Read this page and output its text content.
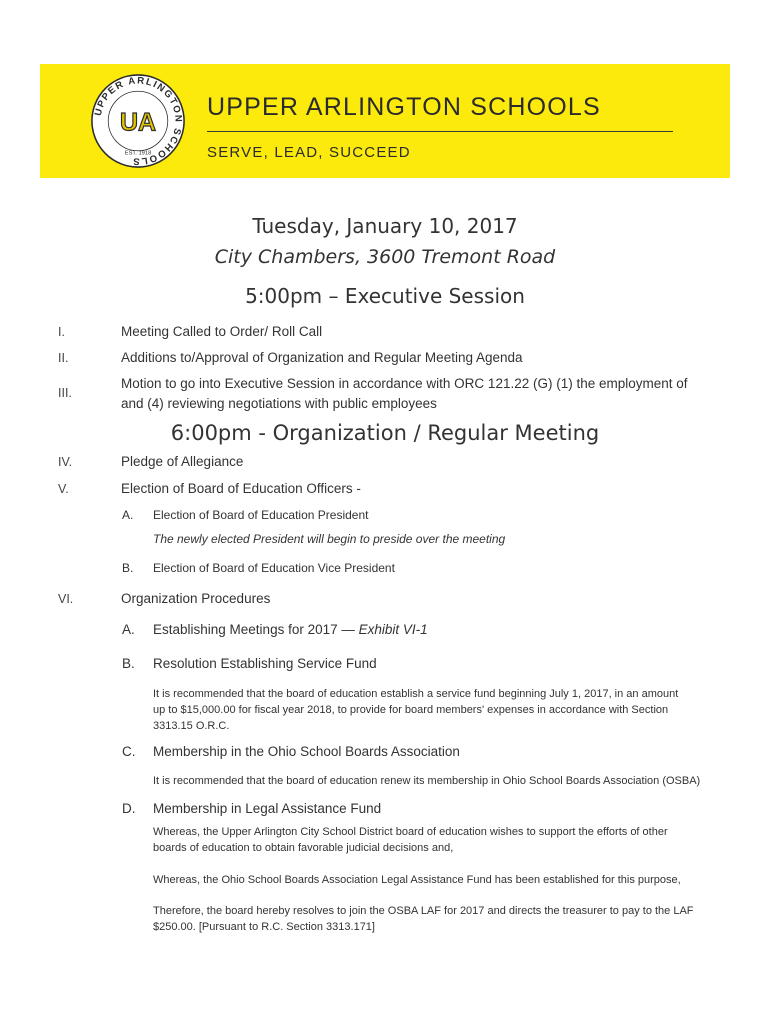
UPPER ARLINGTON SCHOOLS
UA
EST. 1918
UPPER ARLINGTON SCHOOLS
SERVE, LEAD, SUCCEED
Tuesday, January 10, 2017
City Chambers, 3600 Tremont Road
5:00pm – Executive Session
I.	Meeting Called to Order/ Roll Call
II.	Additions to/Approval of Organization and Regular Meeting Agenda
III.
Motion to go into Executive Session in accordance with ORC 121.22 (G) (1) the employment of
and (4) reviewing negotiations with public employees
6:00pm - Organization / Regular Meeting
IV.	Pledge of Allegiance
V.	Election of Board of Education Officers -
A. Election of Board of Education President
The newly elected President will begin to preside over the meeting
B. Election of Board of Education Vice President
VI.	Organization Procedures
A. Establishing Meetings for 2017 — Exhibit VI-1
B. Resolution Establishing Service Fund
It is recommended that the board of education establish a service fund beginning July 1, 2017, in an amount
up to $15,000.00 for fiscal year 2018, to provide for board members' expenses in accordance with Section
3313.15 O.R.C.
C. Membership in the Ohio School Boards Association
It is recommended that the board of education renew its membership in Ohio School Boards Association (OSBA)
D. Membership in Legal Assistance Fund
Whereas, the Upper Arlington City School District board of education wishes to support the efforts of other
boards of education to obtain favorable judicial decisions and,
Whereas, the Ohio School Boards Association Legal Assistance Fund has been established for this purpose,
Therefore, the board hereby resolves to join the OSBA LAF for 2017 and directs the treasurer to pay to the LAF
$250.00. [Pursuant to R.C. Section 3313.171]
